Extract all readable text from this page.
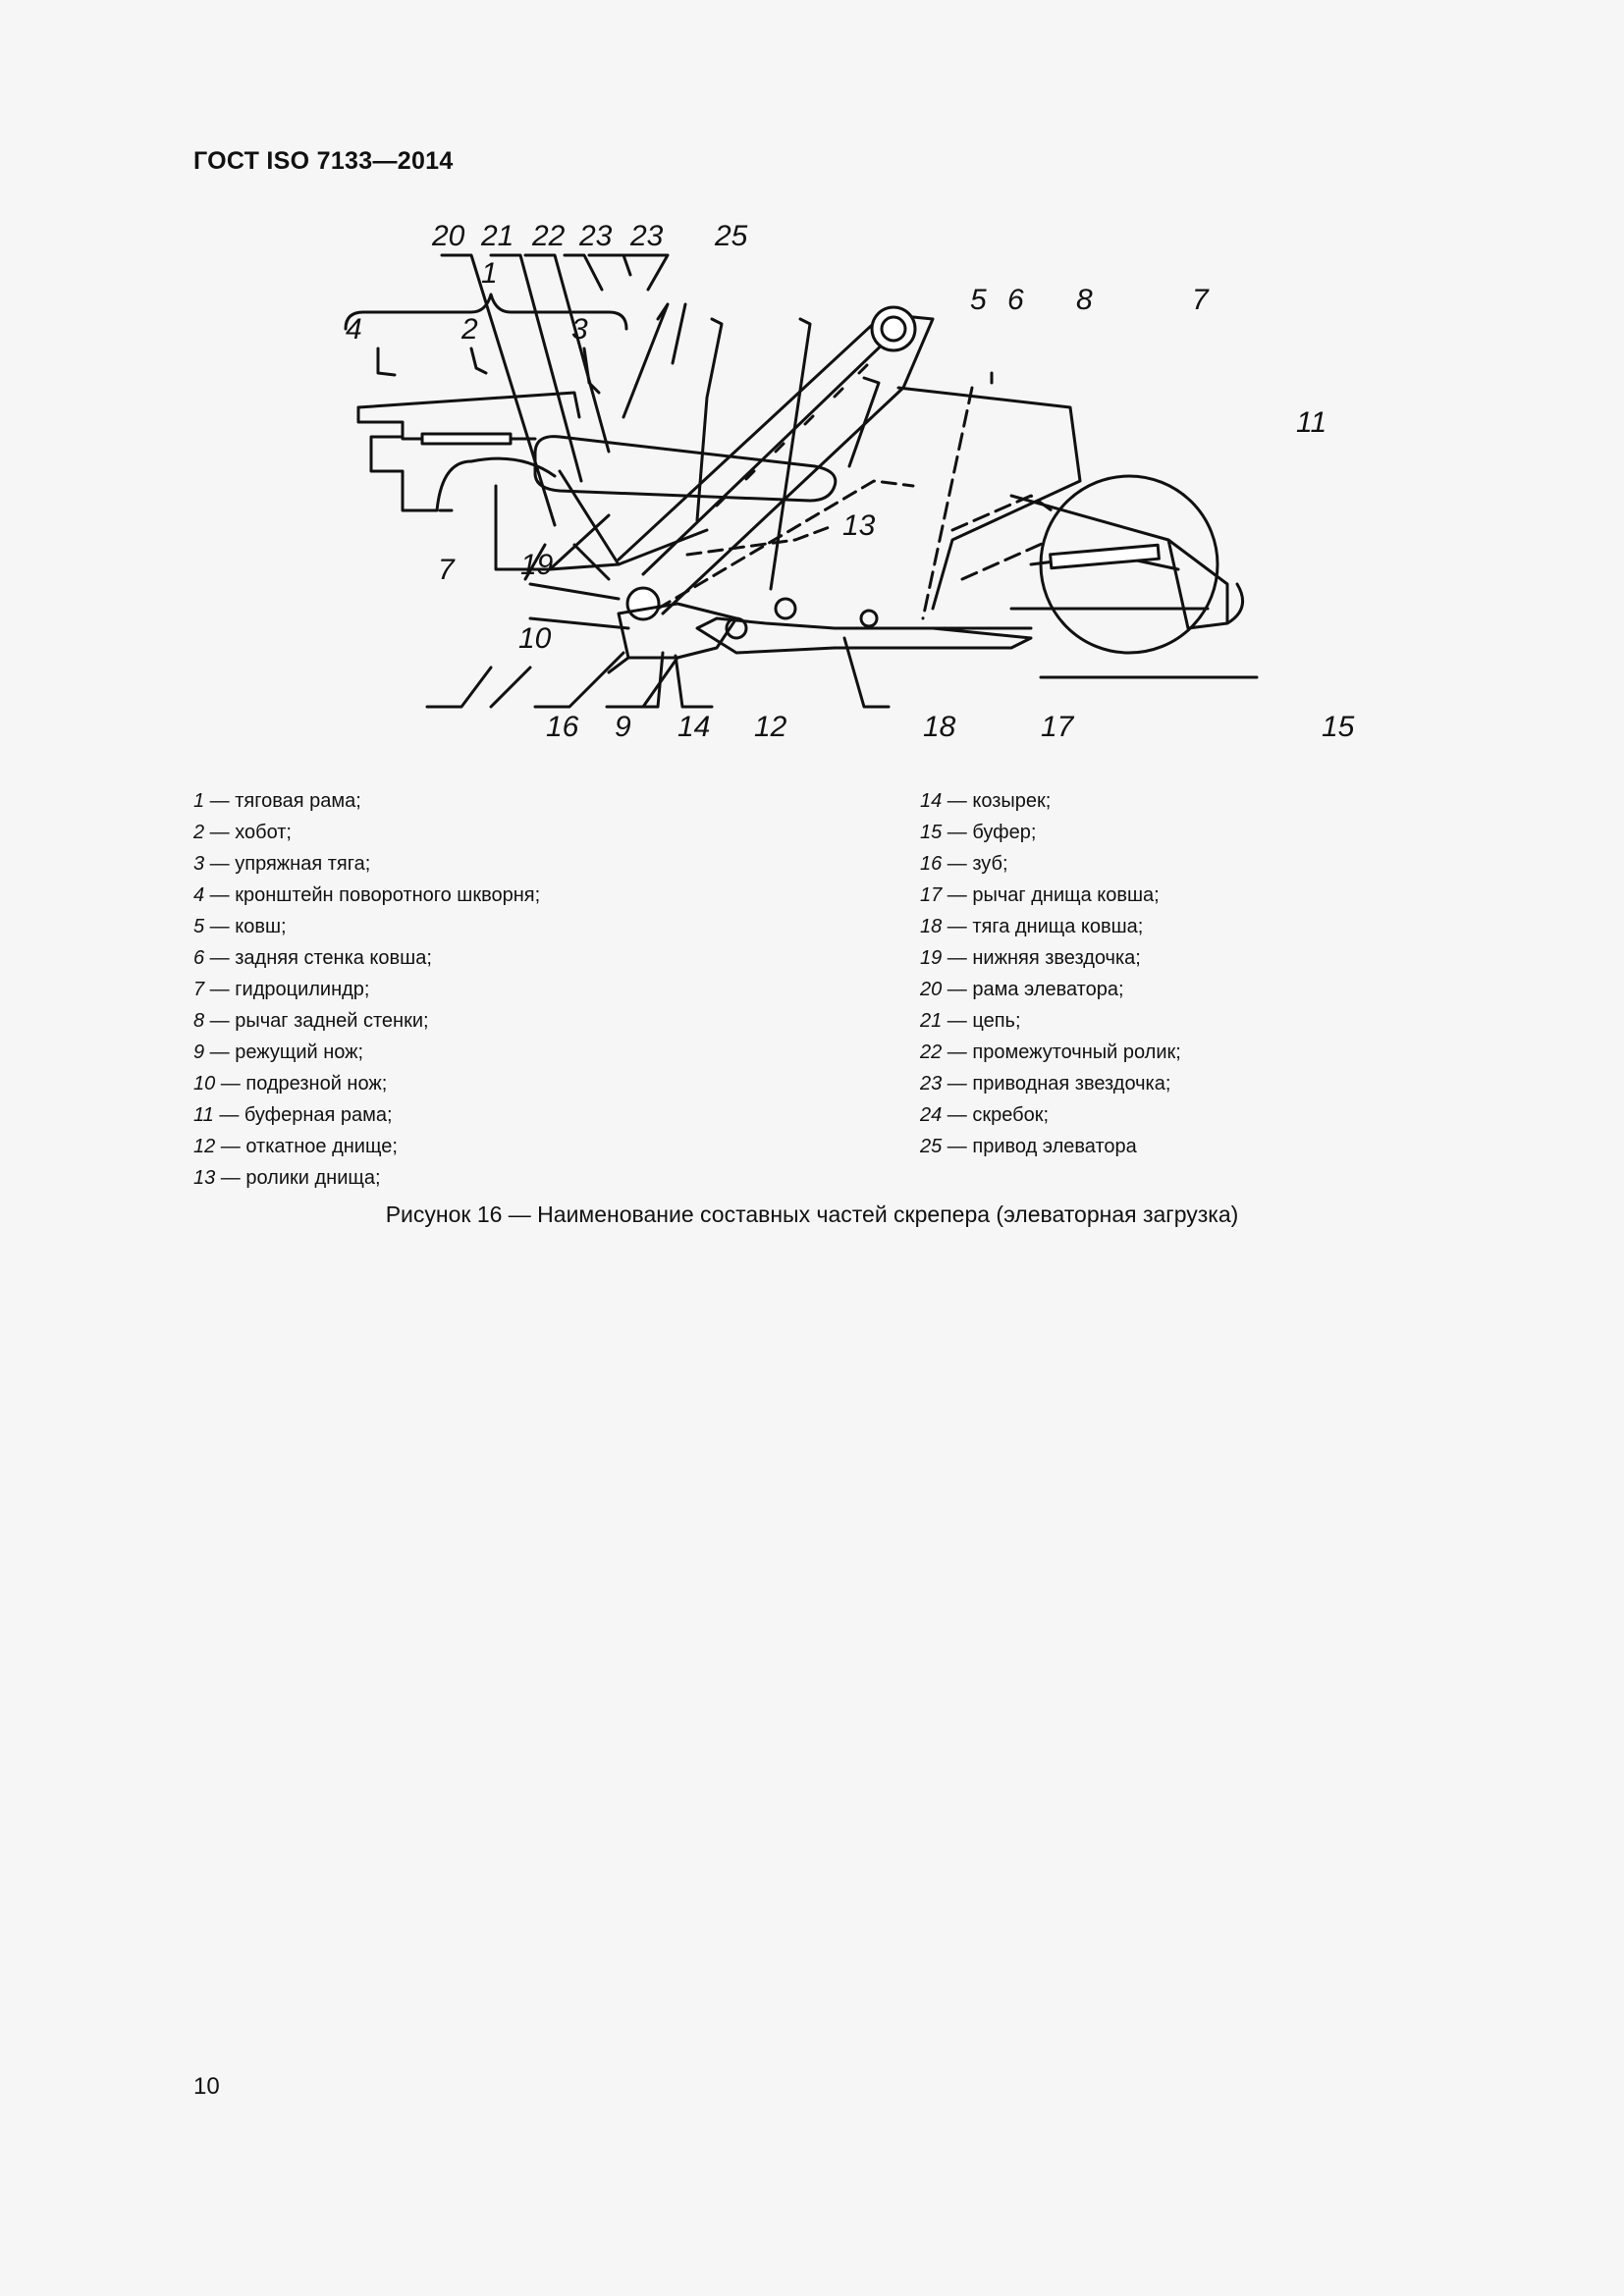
ГОСТ ISO 7133—2014
1
2	3
4
20 21 22 23 23 25
5 6 8	7
11
13
7 19
10
16 9 14 12	18	17	15
1 — тяговая рама;
2 — хобот;
3 — упряжная тяга;
4 — кронштейн поворотного шкворня;
5 — ковш;
6 — задняя стенка ковша;
7 — гидроцилиндр;
8 — рычаг задней стенки;
9 — режущий нож;
10 — подрезной нож;
11 — буферная рама;
12 — откатное днище;
13 — ролики днища;
14 — козырек;
15 — буфер;
16 — зуб;
17 — рычаг днища ковша;
18 — тяга днища ковша;
19 — нижняя звездочка;
20 — рама элеватора;
21 — цепь;
22 — промежуточный ролик;
23 — приводная звездочка;
24 — скребок;
25 — привод элеватора
Рисунок 16 — Наименование составных частей скрепера (элеваторная загрузка)
10
